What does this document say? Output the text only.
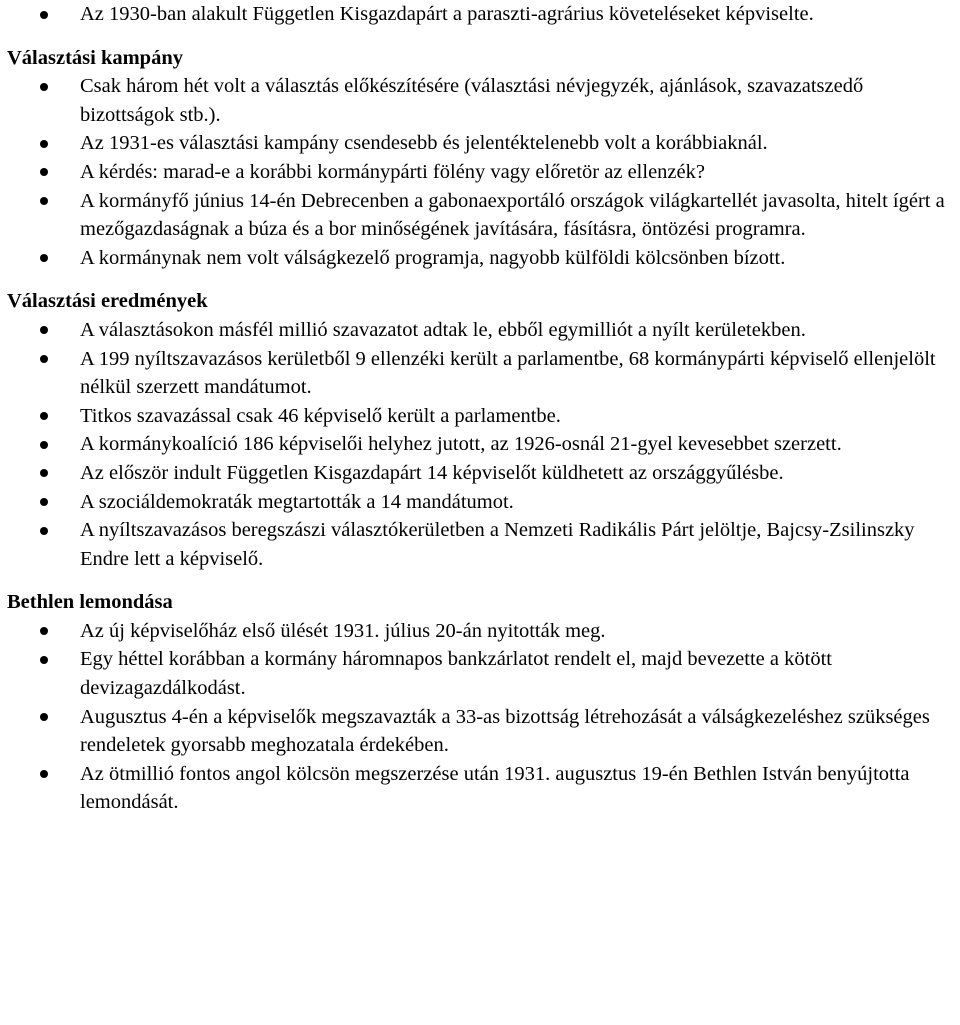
Az 1930-ban alakult Független Kisgazdapárt a paraszti-agrárius követeléseket képviselte.
Választási kampány
Csak három hét volt a választás előkészítésére (választási névjegyzék, ajánlások, szavazatszedő bizottságok stb.).
Az 1931-es választási kampány csendesebb és jelentéktelenebb volt a korábbiaknál.
A kérdés: marad-e a korábbi kormánypárti fölény vagy előretör az ellenzék?
A kormányfő június 14-én Debrecenben a gabonaexportáló országok világkartellét javasolta, hitelt ígért a mezőgazdaságnak a búza és a bor minőségének javítására, fásításra, öntözési programra.
A kormánynak nem volt válságkezelő programja, nagyobb külföldi kölcsönben bízott.
Választási eredmények
A választásokon másfél millió szavazatot adtak le, ebből egymilliót a nyílt kerületekben.
A 199 nyíltszavazásos kerületből 9 ellenzéki került a parlamentbe, 68 kormánypárti képviselő ellenjelölt nélkül szerzett mandátumot.
Titkos szavazással csak 46 képviselő került a parlamentbe.
A kormánykoalíció 186 képviselői helyhez jutott, az 1926-osnál 21-gyel kevesebbet szerzett.
Az először indult Független Kisgazdapárt 14 képviselőt küldhetett az országgyűlésbe.
A szociáldemokraták megtartották a 14 mandátumot.
A nyíltszavazásos beregszászi választókerületben a Nemzeti Radikális Párt jelöltje, Bajcsy-Zsilinszky Endre lett a képviselő.
Bethlen lemondása
Az új képviselőház első ülését 1931. július 20-án nyitották meg.
Egy héttel korábban a kormány háromnapos bankzárlatot rendelt el, majd bevezette a kötött devizagazdálkodást.
Augusztus 4-én a képviselők megszavazták a 33-as bizottság létrehozását a válságkezeléshez szükséges rendeletek gyorsabb meghozatala érdekében.
Az ötmillió fontos angol kölcsön megszerzése után 1931. augusztus 19-én Bethlen István benyújtotta lemondását.
